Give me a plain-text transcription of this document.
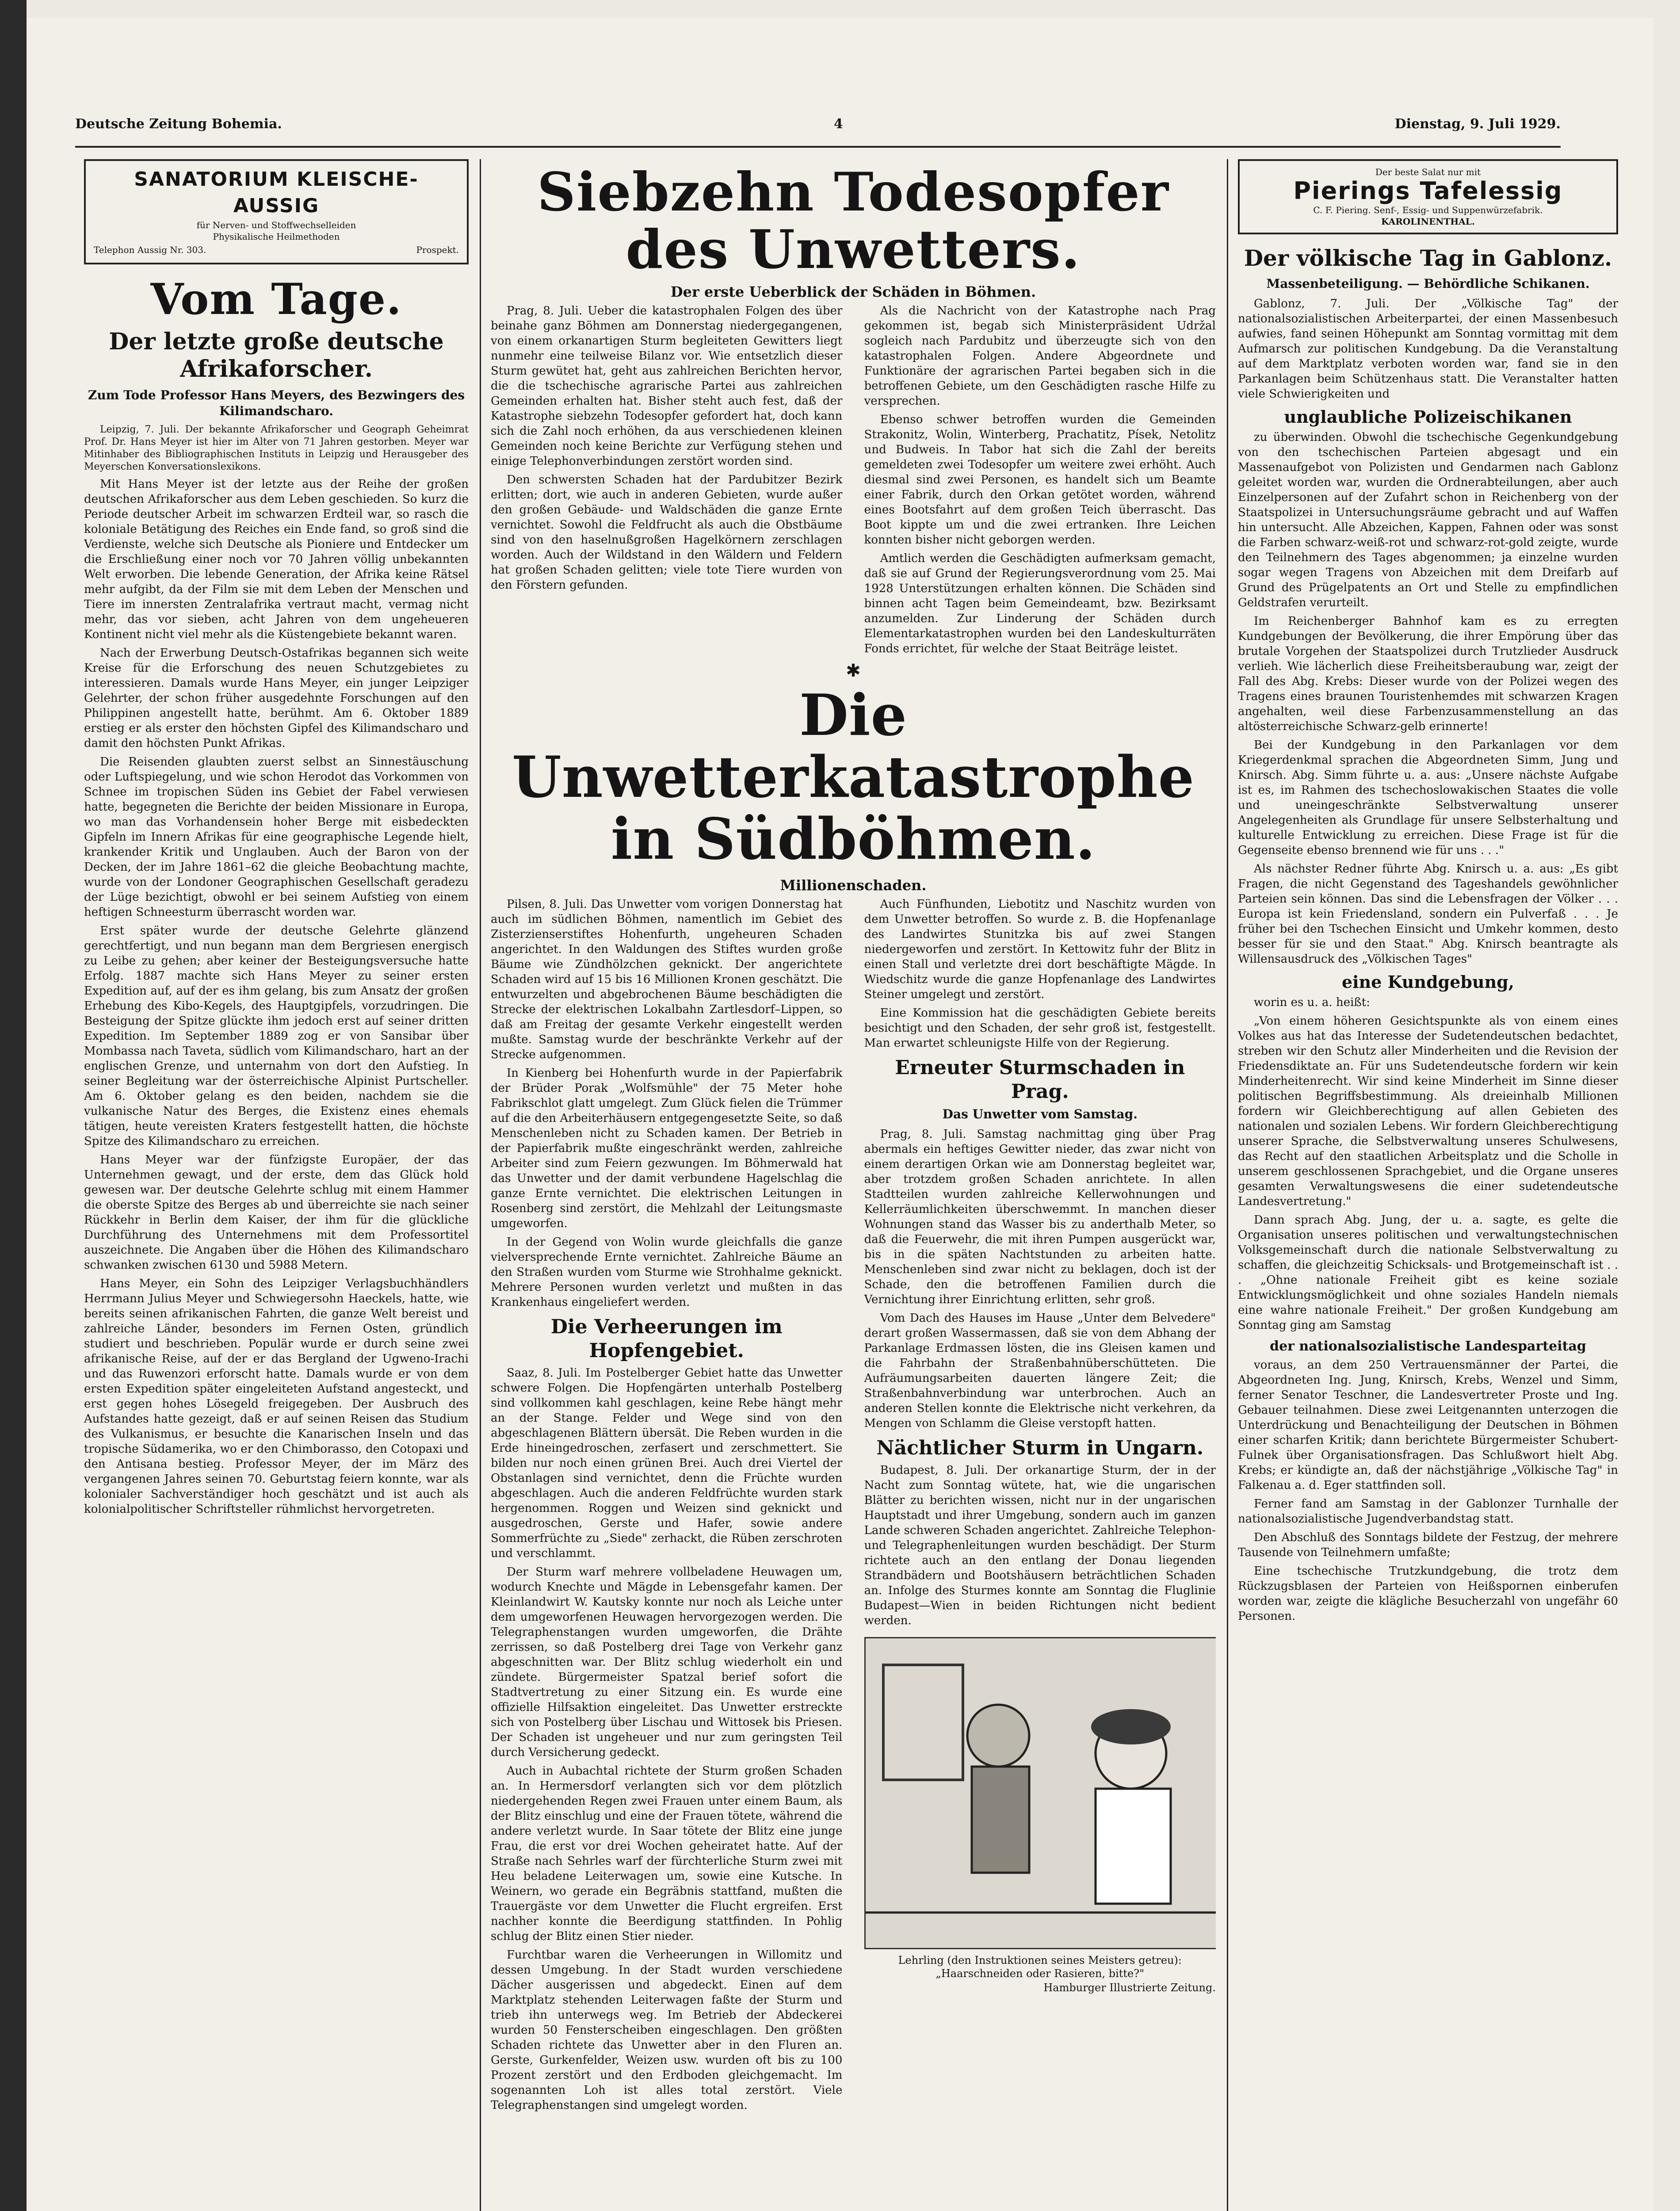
Deutsche Zeitung Bohemia.	4	Dienstag, 9. Juli 1929.
SANATORIUM KLEISCHE-AUSSIG
für Nerven- und Stoffwechselleiden
Physikalische Heilmethoden
Telephon Aussig Nr. 303.	Prospekt.
Vom Tage.
Der letzte große deutsche Afrikaforscher.
Zum Tode Professor Hans Meyers, des Bezwingers des Kilimandscharo.

Leipzig, 7. Juli. Der bekannte Afrikaforscher und Geograph Geheimrat Prof. Dr. Hans Meyer ist hier im Alter von 71 Jahren gestorben. Meyer war Mitinhaber des Bibliographischen Instituts in Leipzig und Herausgeber des Meyerschen Konversationslexikons.

Mit Hans Meyer ist der letzte aus der Reihe der großen deutschen Afrikaforscher aus dem Leben geschieden. So kurz die Periode deutscher Arbeit im schwarzen Erdteil war, so rasch die koloniale Betätigung des Reiches ein Ende fand, so groß sind die Verdienste, welche sich Deutsche als Pioniere und Entdecker um die Erschließung einer noch vor 70 Jahren völlig unbekannten Welt erworben. Die lebende Generation, der Afrika keine Rätsel mehr aufgibt, da der Film sie mit dem Leben der Menschen und Tiere im innersten Zentralafrika vertraut macht, vermag nicht mehr, das vor sieben, acht Jahren von dem ungeheueren Kontinent nicht viel mehr als die Küstengebiete bekannt waren.

Nach der Erwerbung Deutsch-Ostafrikas begannen sich weite Kreise für die Erforschung des neuen Schutzgebietes zu interessieren. Damals wurde Hans Meyer, ein junger Leipziger Gelehrter, der schon früher ausgedehnte Forschungen auf den Philippinen angestellt hatte, berühmt. Am 6. Oktober 1889 erstieg er als erster den höchsten Gipfel des Kilimandscharo und damit den höchsten Punkt Afrikas.

Die Reisenden glaubten zuerst selbst an Sinnestäuschung oder Luftspiegelung, und wie schon Herodot das Vorkommen von Schnee im tropischen Süden ins Gebiet der Fabel verwiesen hatte, begegneten die Berichte der beiden Missionare in Europa, wo man das Vorhandensein hoher Berge mit eisbedeckten Gipfeln im Innern Afrikas für eine geographische Legende hielt, krankender Kritik und Unglauben. Auch der Baron von der Decken, der im Jahre 1861–62 die gleiche Beobachtung machte, wurde von der Londoner Geographischen Gesellschaft geradezu der Lüge bezichtigt, obwohl er bei seinem Aufstieg von einem heftigen Schneesturm überrascht worden war.

Erst später wurde der deutsche Gelehrte glänzend gerechtfertigt, und nun begann man dem Bergriesen energisch zu Leibe zu gehen; aber keiner der Besteigungsversuche hatte Erfolg. 1887 machte sich Hans Meyer zu seiner ersten Expedition auf, auf der es ihm gelang, bis zum Ansatz der großen Erhebung des Kibo-Kegels, des Hauptgipfels, vorzudringen. Die Besteigung der Spitze glückte ihm jedoch erst auf seiner dritten Expedition. Im September 1889 zog er von Sansibar über Mombassa nach Taveta, südlich vom Kilimandscharo, hart an der englischen Grenze, und unternahm von dort den Aufstieg. In seiner Begleitung war der österreichische Alpinist Purtscheller. Am 6. Oktober gelang es den beiden, nachdem sie die vulkanische Natur des Berges, die Existenz eines ehemals tätigen, heute vereisten Kraters festgestellt hatten, die höchste Spitze des Kilimandscharo zu erreichen.

Hans Meyer war der fünfzigste Europäer, der das Unternehmen gewagt, und der erste, dem das Glück hold gewesen war. Der deutsche Gelehrte schlug mit einem Hammer die oberste Spitze des Berges ab und überreichte sie nach seiner Rückkehr in Berlin dem Kaiser, der ihm für die glückliche Durchführung des Unternehmens mit dem Professortitel auszeichnete. Die Angaben über die Höhen des Kilimandscharo schwanken zwischen 6130 und 5988 Metern.

Hans Meyer, ein Sohn des Leipziger Verlagsbuchhändlers Herrmann Julius Meyer und Schwiegersohn Haeckels, hatte, wie bereits seinen afrikanischen Fahrten, die ganze Welt bereist und zahlreiche Länder, besonders im Fernen Osten, gründlich studiert und beschrieben. Populär wurde er durch seine zwei afrikanische Reise, auf der er das Bergland der Ugweno-Irachi und das Ruwenzori erforscht hatte. Damals wurde er von dem ersten Expedition später eingeleiteten Aufstand angesteckt, und erst gegen hohes Lösegeld freigegeben. Der Ausbruch des Aufstandes hatte gezeigt, daß er auf seinen Reisen das Studium des Vulkanismus, er besuchte die Kanarischen Inseln und das tropische Südamerika, wo er den Chimborasso, den Cotopaxi und den Antisana bestieg. Professor Meyer, der im März des vergangenen Jahres seinen 70. Geburtstag feiern konnte, war als kolonialer Sachverständiger hoch geschätzt und ist auch als kolonialpolitischer Schriftsteller rühmlichst hervorgetreten.

Siebzehn Todesopfer des Unwetters.
Der erste Ueberblick der Schäden in Böhmen.

Prag, 8. Juli. Ueber die katastrophalen Folgen des über beinahe ganz Böhmen am Donnerstag niedergegangenen, von einem orkanartigen Sturm begleiteten Gewitters liegt nunmehr eine teilweise Bilanz vor. Wie entsetzlich dieser Sturm gewütet hat, geht aus zahlreichen Berichten hervor, die die tschechische agrarische Partei aus zahlreichen Gemeinden erhalten hat. Bisher steht auch fest, daß der Katastrophe siebzehn Todesopfer gefordert hat, doch kann sich die Zahl noch erhöhen, da aus verschiedenen kleinen Gemeinden noch keine Berichte zur Verfügung stehen und einige Telephonverbindungen zerstört worden sind.

Den schwersten Schaden hat der Pardubitzer Bezirk erlitten; dort, wie auch in anderen Gebieten, wurde außer den großen Gebäude- und Waldschäden die ganze Ernte vernichtet. Sowohl die Feldfrucht als auch die Obstbäume sind von den haselnußgroßen Hagelkörnern zerschlagen worden. Auch der Wildstand in den Wäldern und Feldern hat großen Schaden gelitten; viele tote Tiere wurden von den Förstern gefunden.

Als die Nachricht von der Katastrophe nach Prag gekommen ist, begab sich Ministerpräsident Udržal sogleich nach Pardubitz und überzeugte sich von den katastrophalen Folgen. Andere Abgeordnete und Funktionäre der agrarischen Partei begaben sich in die betroffenen Gebiete, um den Geschädigten rasche Hilfe zu versprechen.

Ebenso schwer betroffen wurden die Gemeinden Strakonitz, Wolin, Winterberg, Prachatitz, Písek, Netolitz und Budweis. In Tabor hat sich die Zahl der bereits gemeldeten zwei Todesopfer um weitere zwei erhöht. Auch diesmal sind zwei Personen, es handelt sich um Beamte einer Fabrik, durch den Orkan getötet worden, während eines Bootsfahrt auf dem großen Teich überrascht. Das Boot kippte um und die zwei ertranken. Ihre Leichen konnten bisher nicht geborgen werden.

Amtlich werden die Geschädigten aufmerksam gemacht, daß sie auf Grund der Regierungsverordnung vom 25. Mai 1928 Unterstützungen erhalten können. Die Schäden sind binnen acht Tagen beim Gemeindeamt, bzw. Bezirksamt anzumelden. Zur Linderung der Schäden durch Elementarkatastrophen wurden bei den Landeskulturräten Fonds errichtet, für welche der Staat Beiträge leistet.

✱
Die Unwetterkatastrophe in Südböhmen.
Millionenschaden.

Pilsen, 8. Juli. Das Unwetter vom vorigen Donnerstag hat auch im südlichen Böhmen, namentlich im Gebiet des Zisterzienserstiftes Hohenfurth, ungeheuren Schaden angerichtet. In den Waldungen des Stiftes wurden große Bäume wie Zündhölzchen geknickt. Der angerichtete Schaden wird auf 15 bis 16 Millionen Kronen geschätzt. Die entwurzelten und abgebrochenen Bäume beschädigten die Strecke der elektrischen Lokalbahn Zartlesdorf–Lippen, so daß am Freitag der gesamte Verkehr eingestellt werden mußte. Samstag wurde der beschränkte Verkehr auf der Strecke aufgenommen.

In Kienberg bei Hohenfurth wurde in der Papierfabrik der Brüder Porak „Wolfsmühle" der 75 Meter hohe Fabrikschlot glatt umgelegt. Zum Glück fielen die Trümmer auf die den Arbeiterhäusern entgegengesetzte Seite, so daß Menschenleben nicht zu Schaden kamen. Der Betrieb in der Papierfabrik mußte eingeschränkt werden, zahlreiche Arbeiter sind zum Feiern gezwungen. Im Böhmerwald hat das Unwetter und der damit verbundene Hagelschlag die ganze Ernte vernichtet. Die elektrischen Leitungen in Rosenberg sind zerstört, die Mehlzahl der Leitungsmaste umgeworfen.

In der Gegend von Wolin wurde gleichfalls die ganze vielversprechende Ernte vernichtet. Zahlreiche Bäume an den Straßen wurden vom Sturme wie Strohhalme geknickt. Mehrere Personen wurden verletzt und mußten in das Krankenhaus eingeliefert werden.

Die Verheerungen im Hopfengebiet.

Saaz, 8. Juli. Im Postelberger Gebiet hatte das Unwetter schwere Folgen. Die Hopfengärten unterhalb Postelberg sind vollkommen kahl geschlagen, keine Rebe hängt mehr an der Stange. Felder und Wege sind von den abgeschlagenen Blättern übersät. Die Reben wurden in die Erde hineingedroschen, zerfasert und zerschmettert. Sie bilden nur noch einen grünen Brei. Auch drei Viertel der Obstanlagen sind vernichtet, denn die Früchte wurden abgeschlagen. Auch die anderen Feldfrüchte wurden stark hergenommen. Roggen und Weizen sind geknickt und ausgedroschen, Gerste und Hafer, sowie andere Sommerfrüchte zu „Siede" zerhackt, die Rüben zerschroten und verschlammt.

Der Sturm warf mehrere vollbeladene Heuwagen um, wodurch Knechte und Mägde in Lebensgefahr kamen. Der Kleinlandwirt W. Kautsky konnte nur noch als Leiche unter dem umgeworfenen Heuwagen hervorgezogen werden. Die Telegraphenstangen wurden umgeworfen, die Drähte zerrissen, so daß Postelberg drei Tage von Verkehr ganz abgeschnitten war. Der Blitz schlug wiederholt ein und zündete. Bürgermeister Spatzal berief sofort die Stadtvertretung zu einer Sitzung ein. Es wurde eine offizielle Hilfsaktion eingeleitet. Das Unwetter erstreckte sich von Postelberg über Lischau und Wittosek bis Priesen. Der Schaden ist ungeheuer und nur zum geringsten Teil durch Versicherung gedeckt.

Auch in Aubachtal richtete der Sturm großen Schaden an. In Hermersdorf verlangten sich vor dem plötzlich niedergehenden Regen zwei Frauen unter einem Baum, als der Blitz einschlug und eine der Frauen tötete, während die andere verletzt wurde. In Saar tötete der Blitz eine junge Frau, die erst vor drei Wochen geheiratet hatte. Auf der Straße nach Sehrles warf der fürchterliche Sturm zwei mit Heu beladene Leiterwagen um, sowie eine Kutsche. In Weinern, wo gerade ein Begräbnis stattfand, mußten die Trauergäste vor dem Unwetter die Flucht ergreifen. Erst nachher konnte die Beerdigung stattfinden. In Pohlig schlug der Blitz einen Stier nieder.

Furchtbar waren die Verheerungen in Willomitz und dessen Umgebung. In der Stadt wurden verschiedene Dächer ausgerissen und abgedeckt. Einen auf dem Marktplatz stehenden Leiterwagen faßte der Sturm und trieb ihn unterwegs weg. Im Betrieb der Abdeckerei wurden 50 Fensterscheiben eingeschlagen. Den größten Schaden richtete das Unwetter aber in den Fluren an. Gerste, Gurkenfelder, Weizen usw. wurden oft bis zu 100 Prozent zerstört und den Erdboden gleichgemacht. Im sogenannten Loh ist alles total zerstört. Viele Telegraphenstangen sind umgelegt worden.

Auch Fünfhunden, Liebotitz und Naschitz wurden von dem Unwetter betroffen. So wurde z. B. die Hopfenanlage des Landwirtes Stunitzka bis auf zwei Stangen niedergeworfen und zerstört. In Kettowitz fuhr der Blitz in einen Stall und verletzte drei dort beschäftigte Mägde. In Wiedschitz wurde die ganze Hopfenanlage des Landwirtes Steiner umgelegt und zerstört.

Eine Kommission hat die geschädigten Gebiete bereits besichtigt und den Schaden, der sehr groß ist, festgestellt. Man erwartet schleunigste Hilfe von der Regierung.

Erneuter Sturmschaden in Prag.
Das Unwetter vom Samstag.

Prag, 8. Juli. Samstag nachmittag ging über Prag abermals ein heftiges Gewitter nieder, das zwar nicht von einem derartigen Orkan wie am Donnerstag begleitet war, aber trotzdem großen Schaden anrichtete. In allen Stadtteilen wurden zahlreiche Kellerwohnungen und Kellerräumlichkeiten überschwemmt. In manchen dieser Wohnungen stand das Wasser bis zu anderthalb Meter, so daß die Feuerwehr, die mit ihren Pumpen ausgerückt war, bis in die späten Nachtstunden zu arbeiten hatte. Menschenleben sind zwar nicht zu beklagen, doch ist der Schade, den die betroffenen Familien durch die Vernichtung ihrer Einrichtung erlitten, sehr groß.

Vom Dach des Hauses im Hause „Unter dem Belvedere" derart großen Wassermassen, daß sie von dem Abhang der Parkanlage Erdmassen lösten, die ins Gleisen kamen und die Fahrbahn der Straßenbahnüberschütteten. Die Aufräumungsarbeiten dauerten längere Zeit; die Straßenbahnverbindung war unterbrochen. Auch an anderen Stellen konnte die Elektrische nicht verkehren, da Mengen von Schlamm die Gleise verstopft hatten.

Nächtlicher Sturm in Ungarn.

Budapest, 8. Juli. Der orkanartige Sturm, der in der Nacht zum Sonntag wütete, hat, wie die ungarischen Blätter zu berichten wissen, nicht nur in der ungarischen Hauptstadt und ihrer Umgebung, sondern auch im ganzen Lande schweren Schaden angerichtet. Zahlreiche Telephon- und Telegraphenleitungen wurden beschädigt. Der Sturm richtete auch an den entlang der Donau liegenden Strandbädern und Bootshäusern beträchtlichen Schaden an. Infolge des Sturmes konnte am Sonntag die Fluglinie Budapest—Wien in beiden Richtungen nicht bedient werden.

Lehrling (den Instruktionen seines Meisters getreu): „Haarschneiden oder Rasieren, bitte?"
Hamburger Illustrierte Zeitung.
Der beste Salat nur mit
Pierings Tafelessig
C. F. Piering. Senf-, Essig- und Suppenwürzefabrik.
KAROLINENTHAL.
Der völkische Tag in Gablonz.
Massenbeteiligung. — Behördliche Schikanen.

Gablonz, 7. Juli. Der „Völkische Tag" der nationalsozialistischen Arbeiterpartei, der einen Massenbesuch aufwies, fand seinen Höhepunkt am Sonntag vormittag mit dem Aufmarsch zur politischen Kundgebung. Da die Veranstaltung auf dem Marktplatz verboten worden war, fand sie in den Parkanlagen beim Schützenhaus statt. Die Veranstalter hatten viele Schwierigkeiten und

unglaubliche Polizeischikanen

zu überwinden. Obwohl die tschechische Gegenkundgebung von den tschechischen Parteien abgesagt und ein Massenaufgebot von Polizisten und Gendarmen nach Gablonz geleitet worden war, wurden die Ordnerabteilungen, aber auch Einzelpersonen auf der Zufahrt schon in Reichenberg von der Staatspolizei in Untersuchungsräume gebracht und auf Waffen hin untersucht. Alle Abzeichen, Kappen, Fahnen oder was sonst die Farben schwarz-weiß-rot und schwarz-rot-gold zeigte, wurde den Teilnehmern des Tages abgenommen; ja einzelne wurden sogar wegen Tragens von Abzeichen mit dem Dreifarb auf Grund des Prügelpatents an Ort und Stelle zu empfindlichen Geldstrafen verurteilt.

Im Reichenberger Bahnhof kam es zu erregten Kundgebungen der Bevölkerung, die ihrer Empörung über das brutale Vorgehen der Staatspolizei durch Trutzlieder Ausdruck verlieh. Wie lächerlich diese Freiheitsberaubung war, zeigt der Fall des Abg. Krebs: Dieser wurde von der Polizei wegen des Tragens eines braunen Touristenhemdes mit schwarzen Kragen angehalten, weil diese Farbenzusammenstellung an das altösterreichische Schwarz-gelb erinnerte!

Bei der Kundgebung in den Parkanlagen vor dem Kriegerdenkmal sprachen die Abgeordneten Simm, Jung und Knirsch. Abg. Simm führte u. a. aus: „Unsere nächste Aufgabe ist es, im Rahmen des tschechoslowakischen Staates die volle und uneingeschränkte Selbstverwaltung unserer Angelegenheiten als Grundlage für unsere Selbsterhaltung und kulturelle Entwicklung zu erreichen. Diese Frage ist für die Gegenseite ebenso brennend wie für uns . . ."

Als nächster Redner führte Abg. Knirsch u. a. aus: „Es gibt Fragen, die nicht Gegenstand des Tageshandels gewöhnlicher Parteien sein können. Das sind die Lebensfragen der Völker . . . Europa ist kein Friedensland, sondern ein Pulverfaß . . . Je früher bei den Tschechen Einsicht und Umkehr kommen, desto besser für sie und den Staat." Abg. Knirsch beantragte als Willensausdruck des „Völkischen Tages"

eine Kundgebung,

worin es u. a. heißt:

„Von einem höheren Gesichtspunkte als von einem eines Volkes aus hat das Interesse der Sudetendeutschen bedachtet, streben wir den Schutz aller Minderheiten und die Revision der Friedensdiktate an. Für uns Sudetendeutsche fordern wir kein Minderheitenrecht. Wir sind keine Minderheit im Sinne dieser politischen Begriffsbestimmung. Als dreieinhalb Millionen fordern wir Gleichberechtigung auf allen Gebieten des nationalen und sozialen Lebens. Wir fordern Gleichberechtigung unserer Sprache, die Selbstverwaltung unseres Schulwesens, das Recht auf den staatlichen Arbeitsplatz und die Scholle in unserem geschlossenen Sprachgebiet, und die Organe unseres gesamten Verwaltungswesens die einer sudetendeutsche Landesvertretung."

Dann sprach Abg. Jung, der u. a. sagte, es gelte die Organisation unseres politischen und verwaltungstechnischen Volksgemeinschaft durch die nationale Selbstverwaltung zu schaffen, die gleichzeitig Schicksals- und Brotgemeinschaft ist . . . „Ohne nationale Freiheit gibt es keine soziale Entwicklungsmöglichkeit und ohne soziales Handeln niemals eine wahre nationale Freiheit." Der großen Kundgebung am Sonntag ging am Samstag

der nationalsozialistische Landesparteitag

voraus, an dem 250 Vertrauensmänner der Partei, die Abgeordneten Ing. Jung, Knirsch, Krebs, Wenzel und Simm, ferner Senator Teschner, die Landesvertreter Proste und Ing. Gebauer teilnahmen. Diese zwei Leitgenannten unterzogen die Unterdrückung und Benachteiligung der Deutschen in Böhmen einer scharfen Kritik; dann berichtete Bürgermeister Schubert-Fulnek über Organisationsfragen. Das Schlußwort hielt Abg. Krebs; er kündigte an, daß der nächstjährige „Völkische Tag" in Falkenau a. d. Eger stattfinden soll.

Ferner fand am Samstag in der Gablonzer Turnhalle der nationalsozialistische Jugendverbandstag statt.

Den Abschluß des Sonntags bildete der Festzug, der mehrere Tausende von Teilnehmern umfaßte;

Eine tschechische Trutzkundgebung, die trotz dem Rückzugsblasen der Parteien von Heißspornen einberufen worden war, zeigte die klägliche Besucherzahl von ungefähr 60 Personen.
